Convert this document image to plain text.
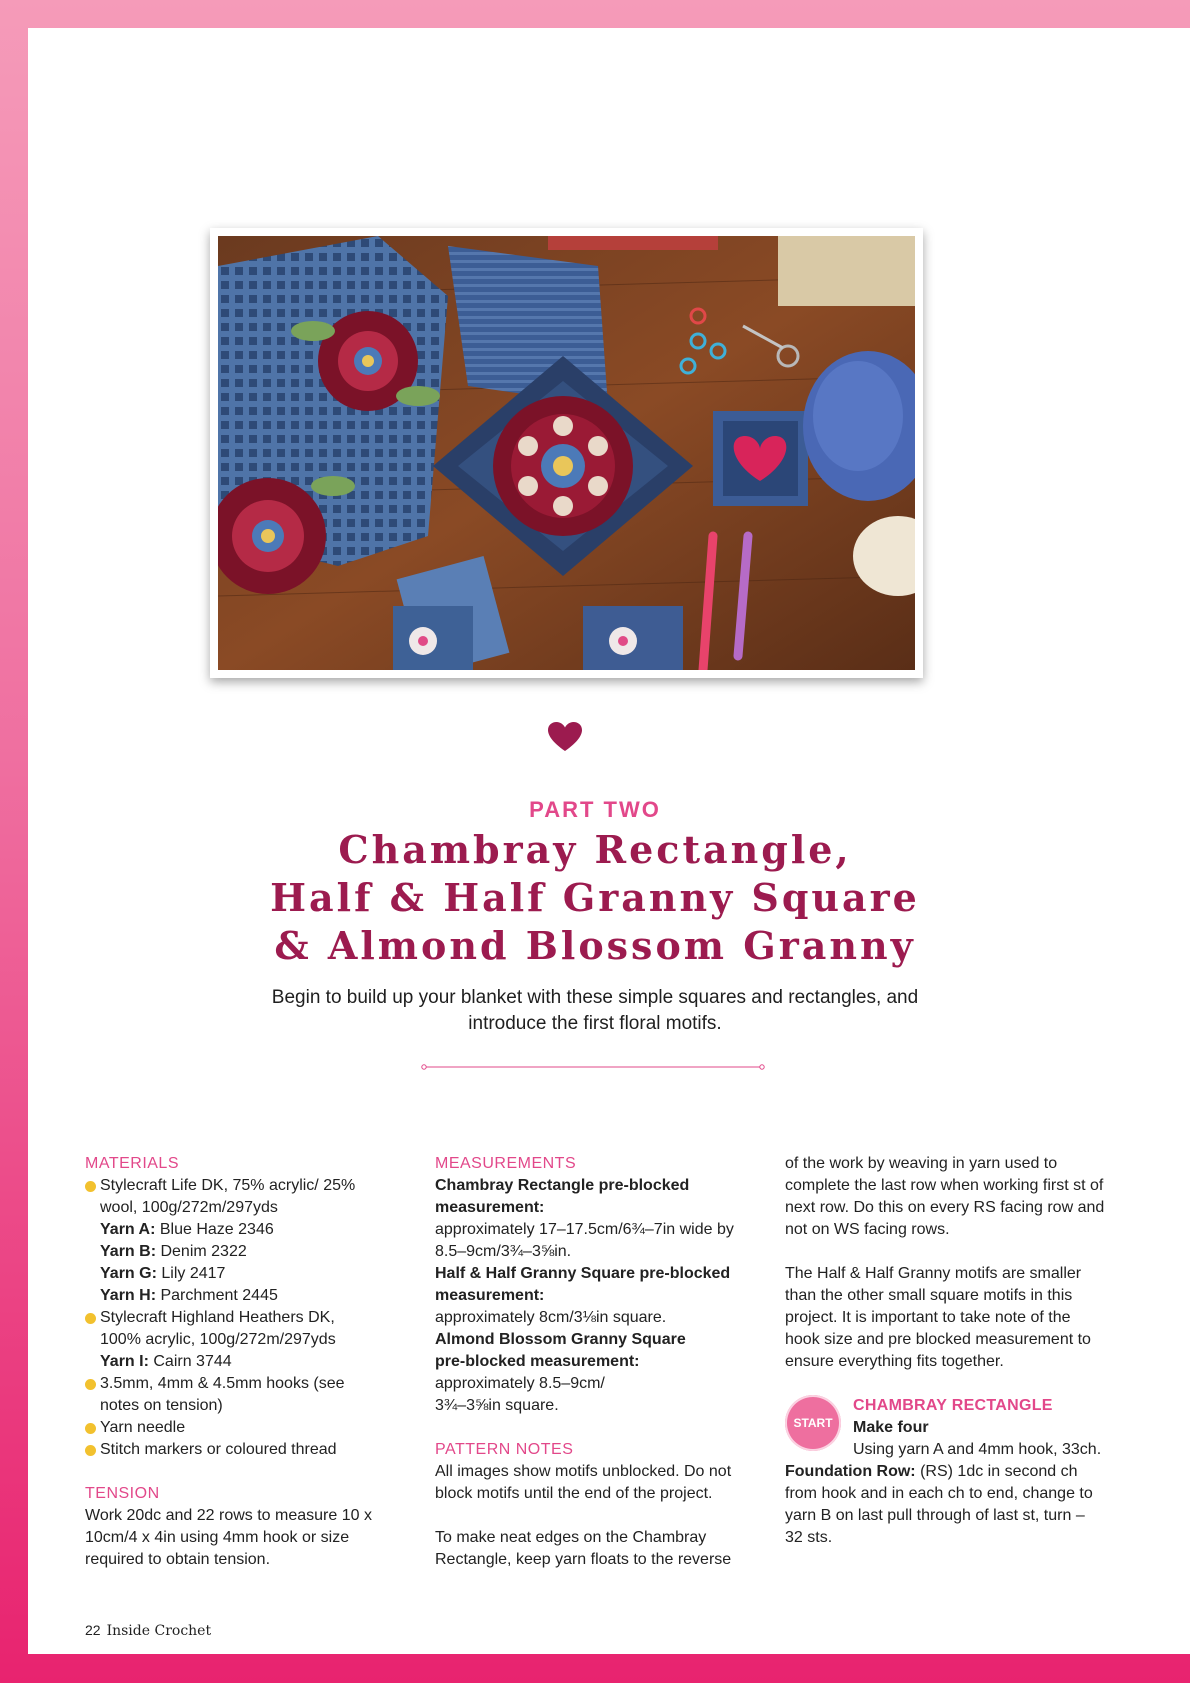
PART TWO
Chambray Rectangle,
Half & Half Granny Square
& Almond Blossom Granny

Begin to build up your blanket with these simple squares and rectangles, and introduce the first floral motifs.

MATERIALS
Stylecraft Life DK, 75% acrylic/ 25% wool, 100g/272m/297yds
Yarn A: Blue Haze 2346
Yarn B: Denim 2322
Yarn G: Lily 2417
Yarn H: Parchment 2445
Stylecraft Highland Heathers DK, 100% acrylic, 100g/272m/297yds
Yarn I: Cairn 3744
3.5mm, 4mm & 4.5mm hooks (see notes on tension)
Yarn needle
Stitch markers or coloured thread
TENSION
Work 20dc and 22 rows to measure 10 x 10cm/4 x 4in using 4mm hook or size required to obtain tension.
MEASUREMENTS
Chambray Rectangle pre-blocked measurement:
approximately 17–17.5cm/6¾–7in wide by 8.5–9cm/3¾–3⅝in.
Half & Half Granny Square pre-blocked measurement:
approximately 8cm/3⅛in square.
Almond Blossom Granny Square pre-blocked measurement:
approximately 8.5–9cm/ 3¾–3⅝in square.
PATTERN NOTES
All images show motifs unblocked. Do not block motifs until the end of the project.
To make neat edges on the Chambray Rectangle, keep yarn floats to the reverse
of the work by weaving in yarn used to complete the last row when working first st of next row. Do this on every RS facing row and not on WS facing rows.
The Half & Half Granny motifs are smaller than the other small square motifs in this project. It is important to take note of the hook size and pre blocked measurement to ensure everything fits together.
START
CHAMBRAY RECTANGLE
Make four
Using yarn A and 4mm hook, 33ch.
Foundation Row: (RS) 1dc in second ch from hook and in each ch to end, change to yarn B on last pull through of last st, turn – 32 sts.
22 Inside Crochet
